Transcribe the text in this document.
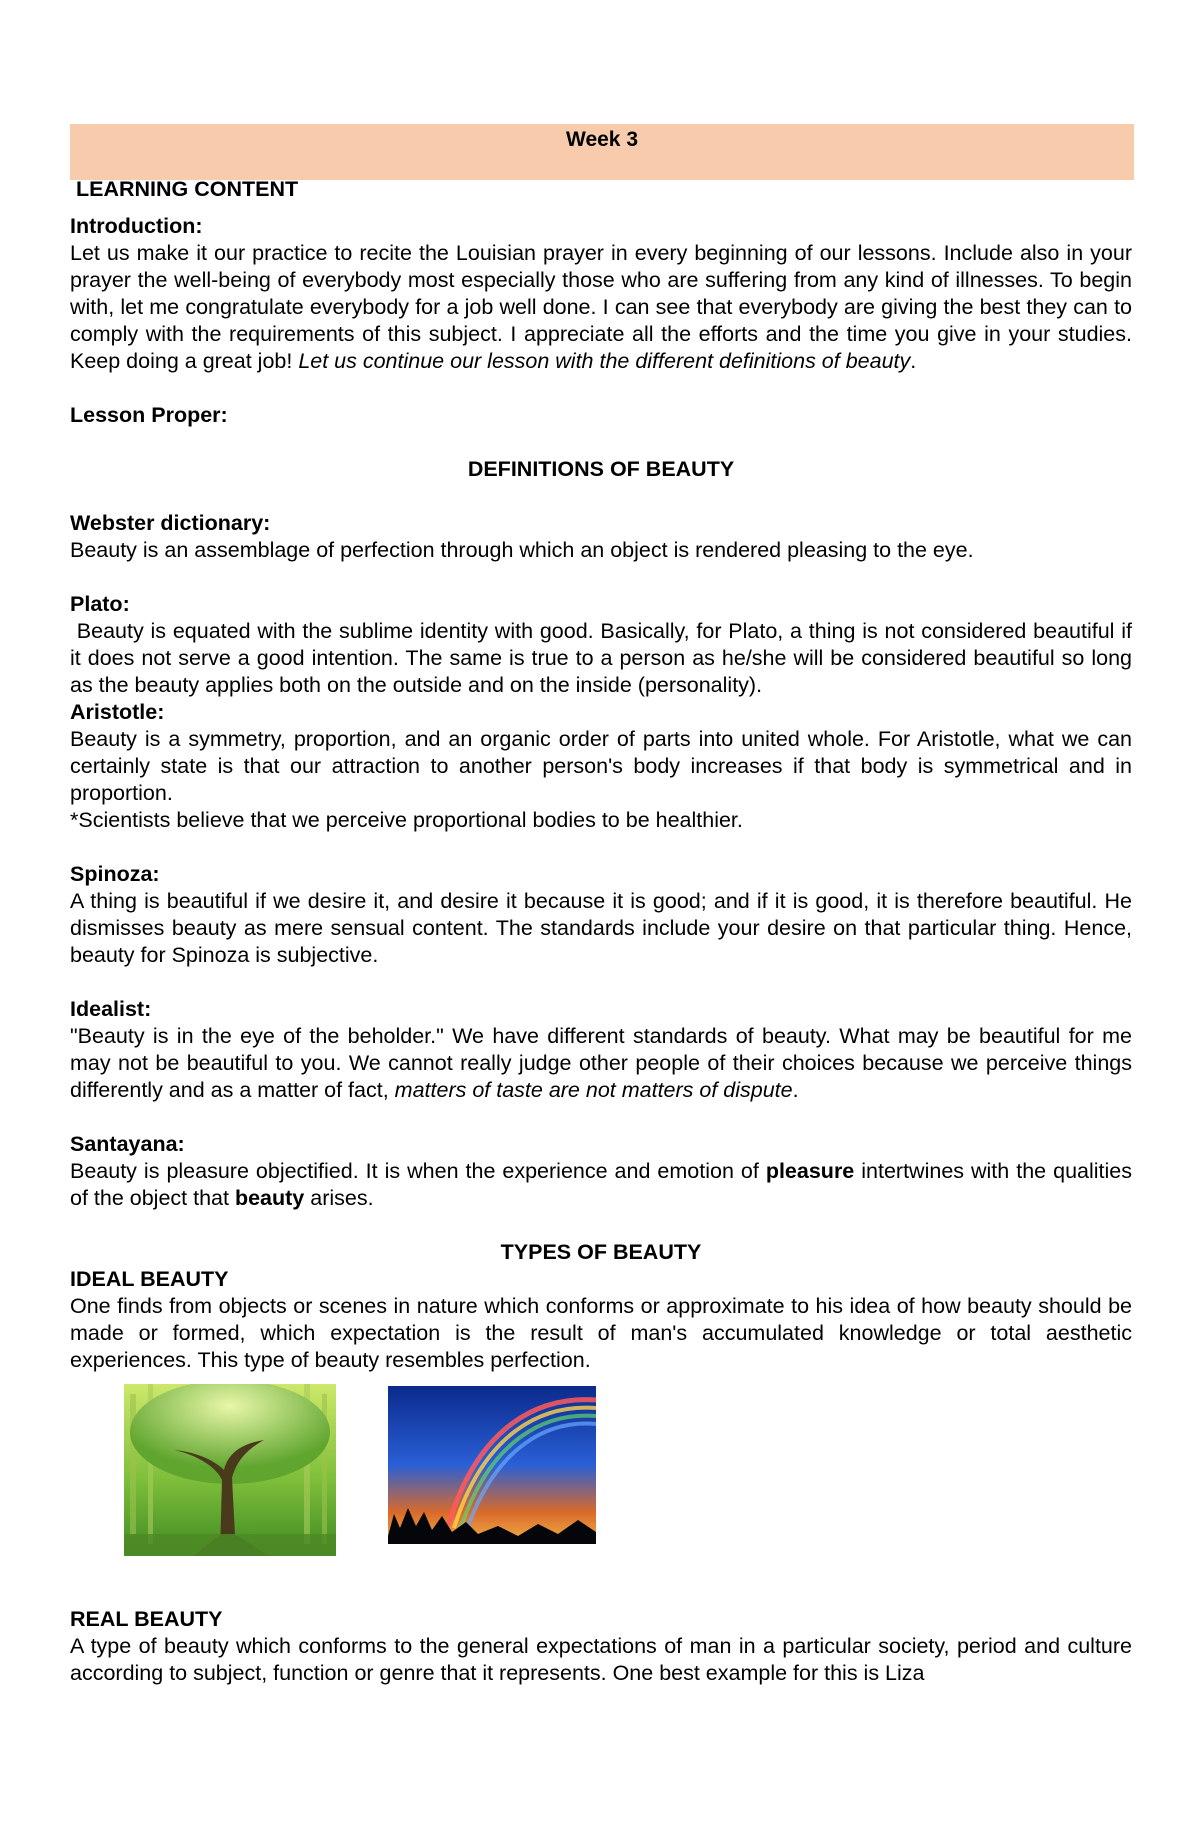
Week 3

LEARNING CONTENT

Introduction:

Let us make it our practice to recite the Louisian prayer in every beginning of our lessons. Include also in your prayer the well-being of everybody most especially those who are suffering from any kind of illnesses. To begin with, let me congratulate everybody for a job well done. I can see that everybody are giving the best they can to comply with the requirements of this subject. I appreciate all the efforts and the time you give in your studies. Keep doing a great job! Let us continue our lesson with the different definitions of beauty.

Lesson Proper:

DEFINITIONS OF BEAUTY

Webster dictionary:

Beauty is an assemblage of perfection through which an object is rendered pleasing to the eye.

Plato:

Beauty is equated with the sublime identity with good. Basically, for Plato, a thing is not considered beautiful if it does not serve a good intention. The same is true to a person as he/she will be considered beautiful so long as the beauty applies both on the outside and on the inside (personality).

Aristotle:

Beauty is a symmetry, proportion, and an organic order of parts into united whole. For Aristotle, what we can certainly state is that our attraction to another person's body increases if that body is symmetrical and in proportion.

*Scientists believe that we perceive proportional bodies to be healthier.

Spinoza:

A thing is beautiful if we desire it, and desire it because it is good; and if it is good, it is therefore beautiful. He dismisses beauty as mere sensual content. The standards include your desire on that particular thing. Hence, beauty for Spinoza is subjective.

Idealist:

"Beauty is in the eye of the beholder." We have different standards of beauty. What may be beautiful for me may not be beautiful to you. We cannot really judge other people of their choices because we perceive things differently and as a matter of fact, matters of taste are not matters of dispute.

Santayana:

Beauty is pleasure objectified. It is when the experience and emotion of pleasure intertwines with the qualities of the object that beauty arises.

TYPES OF BEAUTY

IDEAL BEAUTY

One finds from objects or scenes in nature which conforms or approximate to his idea of how beauty should be made or formed, which expectation is the result of man's accumulated knowledge or total aesthetic experiences. This type of beauty resembles perfection.

REAL BEAUTY

A type of beauty which conforms to the general expectations of man in a particular society, period and culture according to subject, function or genre that it represents. One best example for this is Liza
